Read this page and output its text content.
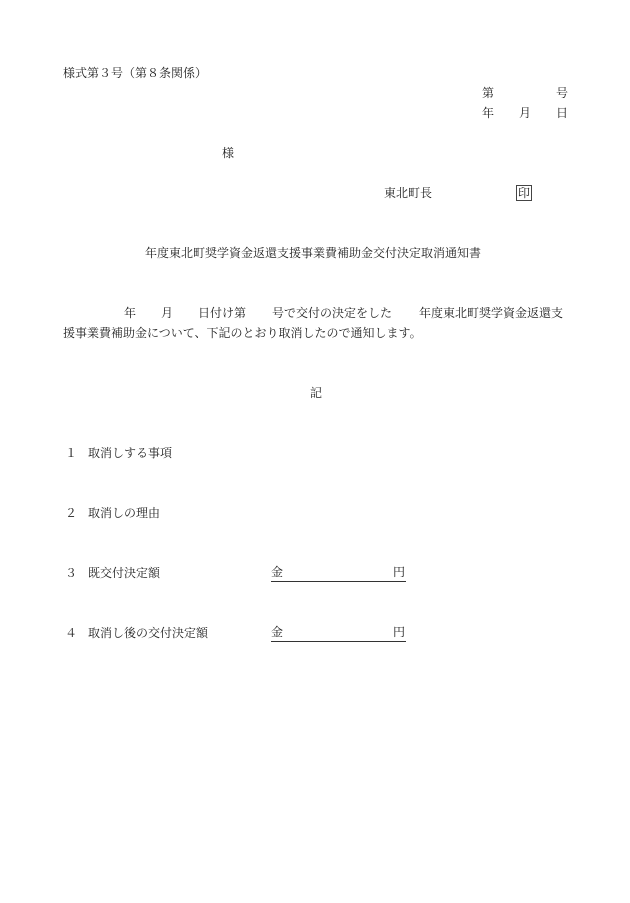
様式第３号（第８条関係）
第	号
年 月 日
様
東北町長	印
年度東北町奨学資金返還支援事業費補助金交付決定取消通知書
年 月 日付け第 号で交付の決定をした 年度東北町奨学資金返還支
援事業費補助金について、下記のとおり取消したので通知します。
記
１ 取消しする事項
２ 取消しの理由
３ 既交付決定額	金	円
４ 取消し後の交付決定額	金	円
